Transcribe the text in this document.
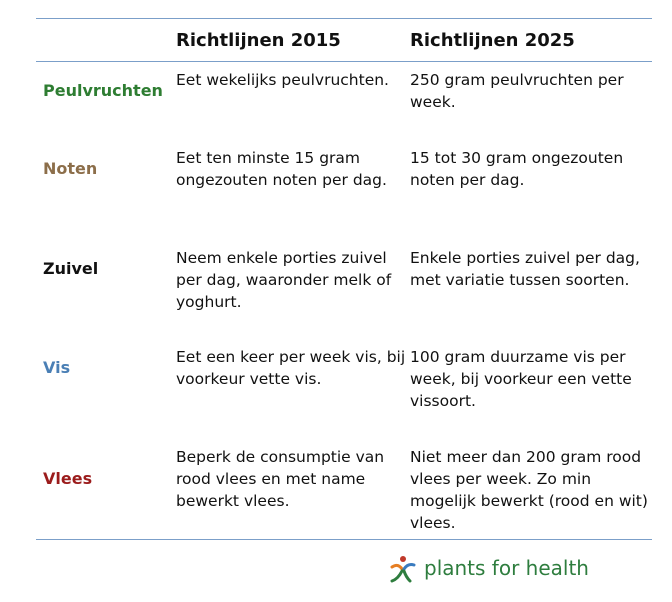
Richtlijnen 2015	Richtlijnen 2025
Peulvruchten
Eet wekelijks peulvruchten.	250 gram peulvruchten per week.
Noten
Eet ten minste 15 gram ongezouten noten per dag.
15 tot 30 gram ongezouten noten per dag.
Zuivel
Neem enkele porties zuivel per dag, waaronder melk of yoghurt.
Enkele porties zuivel per dag, met variatie tussen soorten.
Vis
Eet een keer per week vis, bij voorkeur vette vis.
100 gram duurzame vis per week, bij voorkeur een vette vissoort.
Vlees
Beperk de consumptie van rood vlees en met name bewerkt vlees.
Niet meer dan 200 gram rood vlees per week. Zo min mogelijk bewerkt (rood en wit) vlees.
plants for health
